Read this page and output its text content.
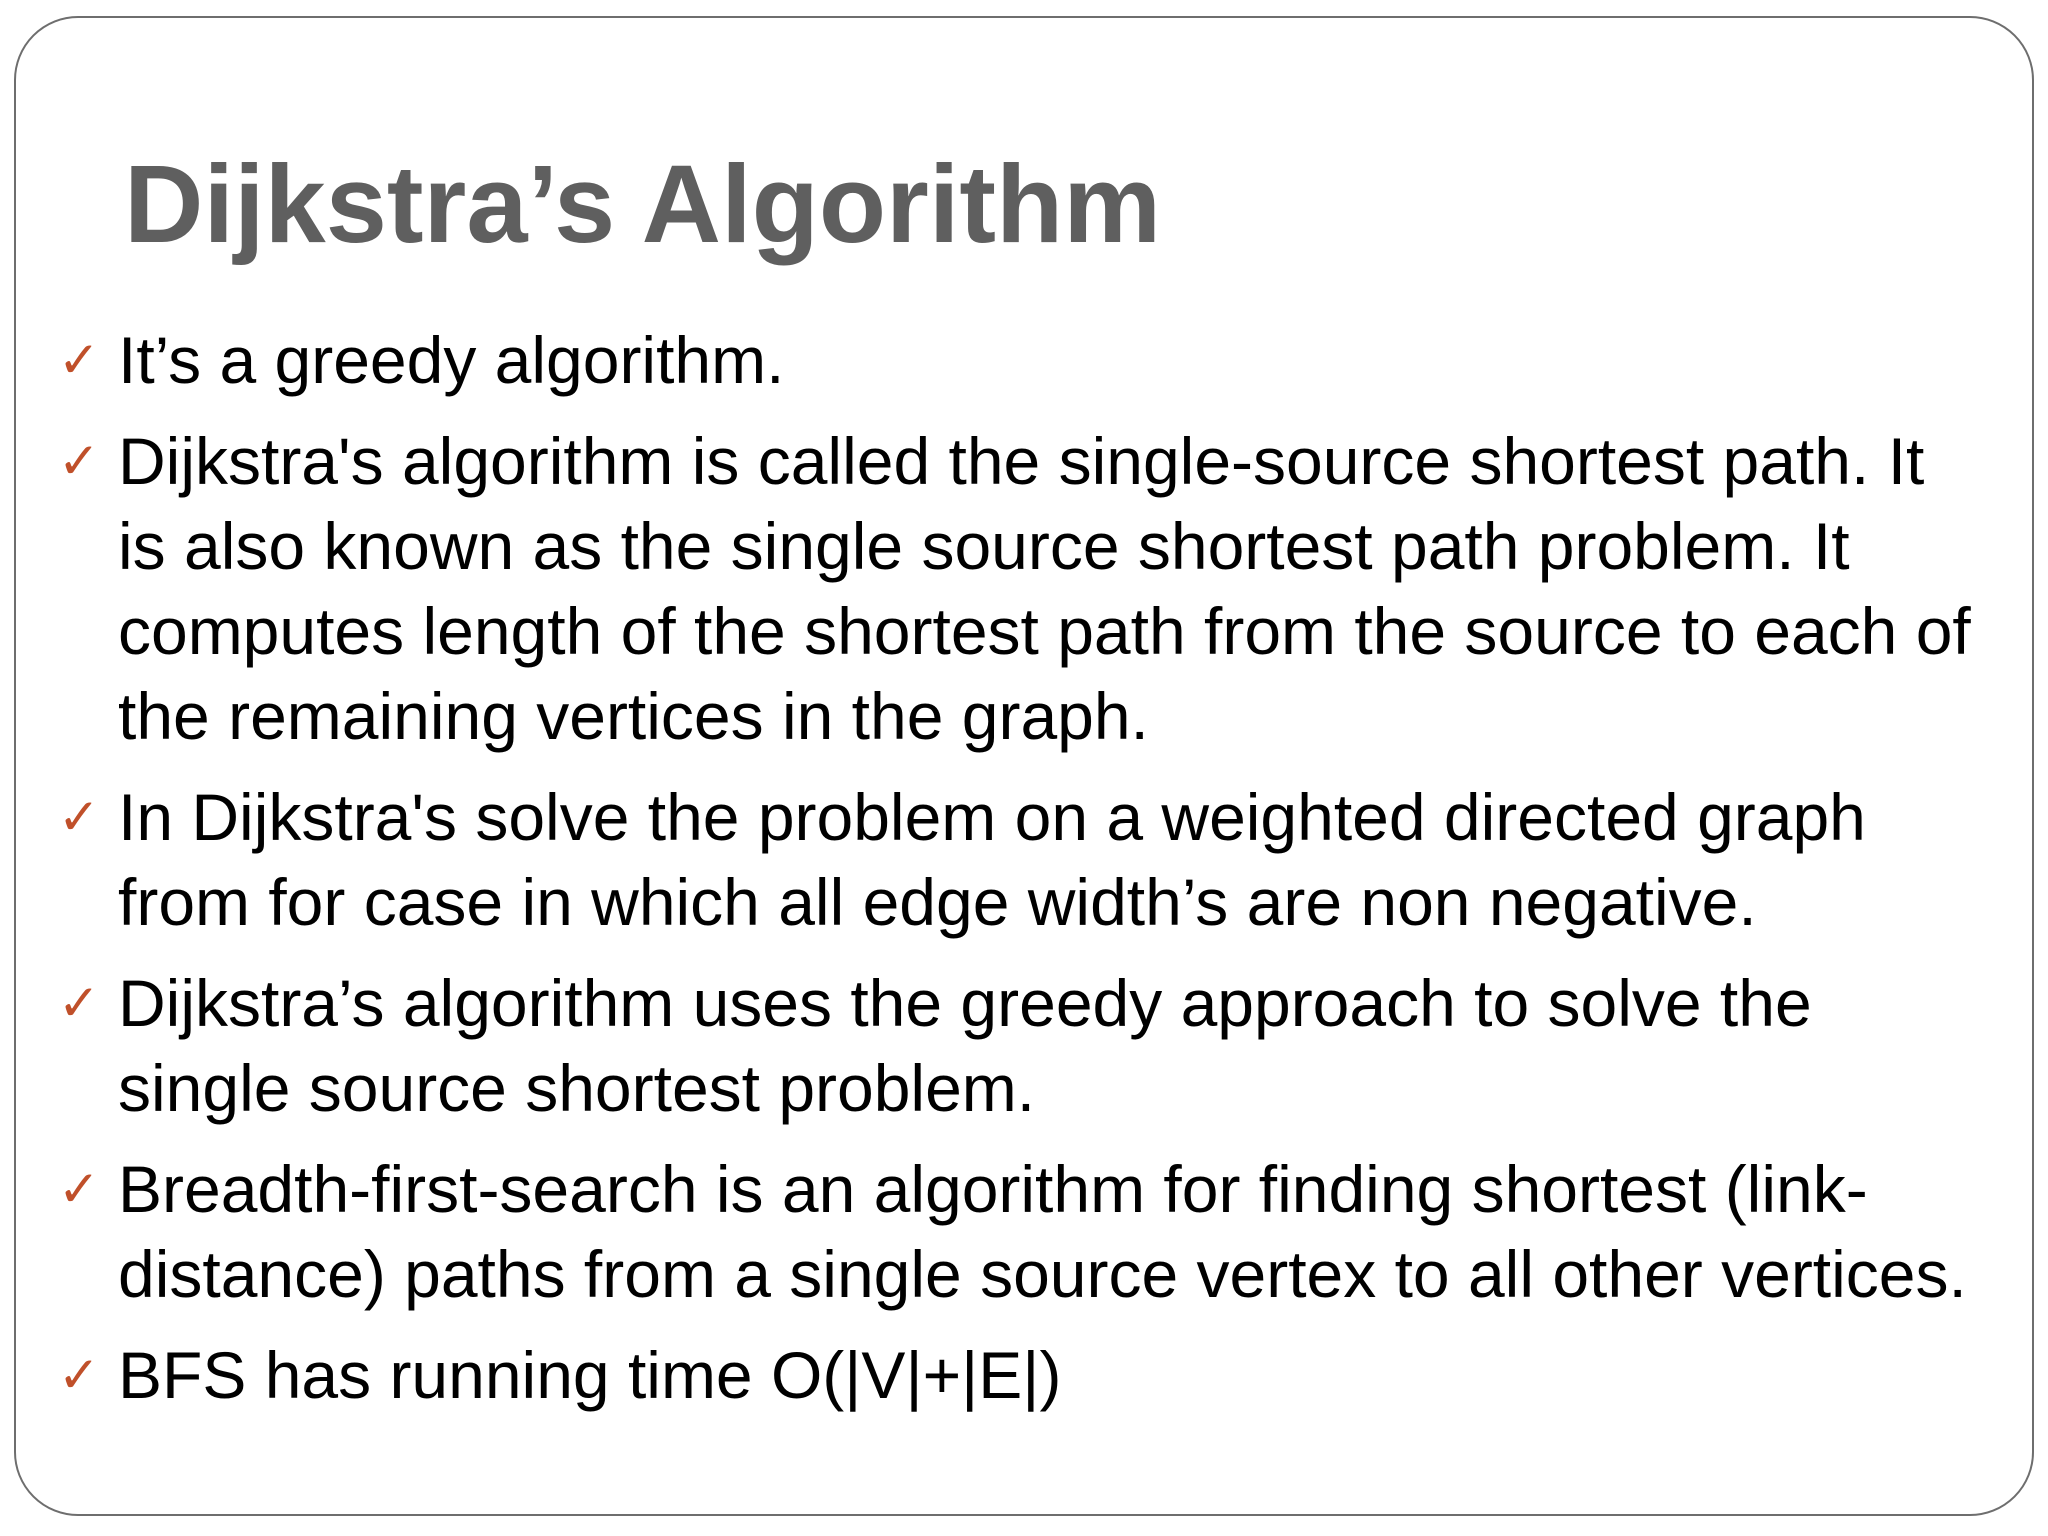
Dijkstra’s Algorithm
✓ It’s a greedy algorithm.
✓ Dijkstra's algorithm is called the single-source shortest path. It is also known as the single source shortest path problem. It computes length of the shortest path from the source to each of the remaining vertices in the graph.
✓ In Dijkstra's solve the problem on a weighted directed graph from for case in which all edge width’s are non negative.
✓ Dijkstra’s algorithm uses the greedy approach to solve the single source shortest problem.
✓ Breadth-first-search is an algorithm for finding shortest (link-distance) paths from a single source vertex to all other vertices.
✓ BFS has running time O(|V|+|E|)
